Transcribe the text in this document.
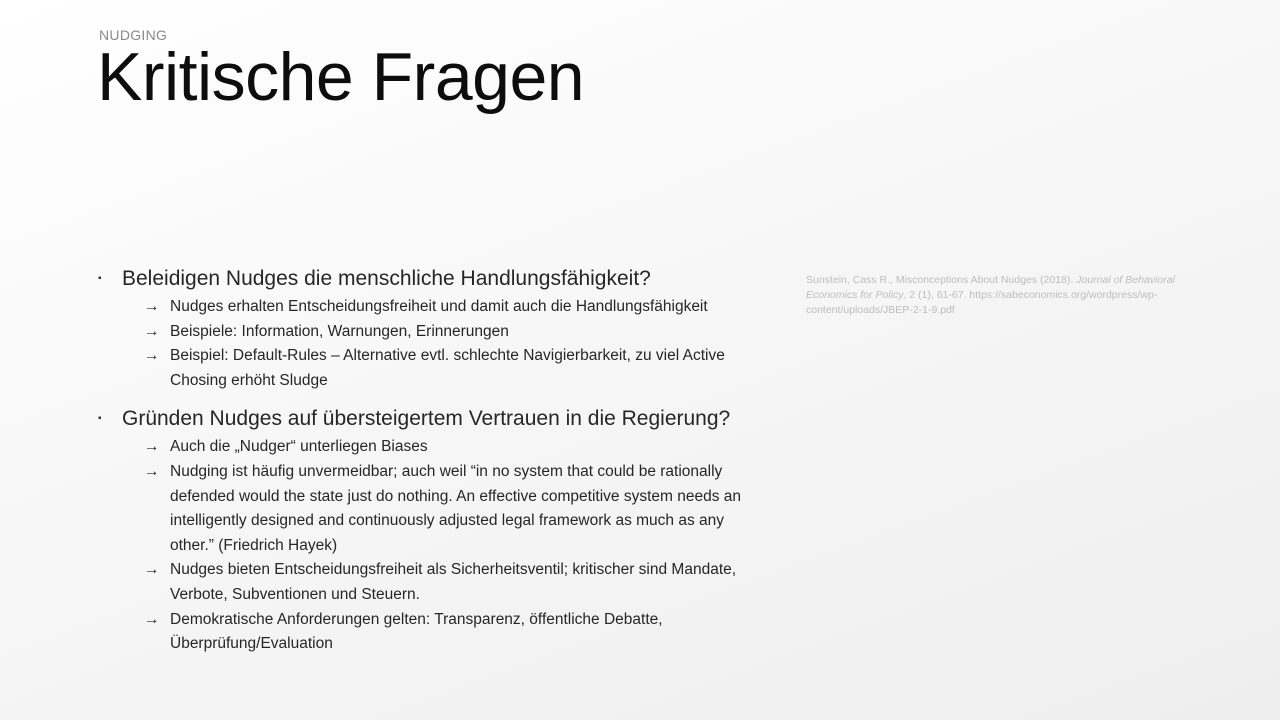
NUDGING
Kritische Fragen
▪ Beleidigen Nudges die menschliche Handlungsfähigkeit?
→ Nudges erhalten Entscheidungsfreiheit und damit auch die Handlungsfähigkeit
→ Beispiele: Information, Warnungen, Erinnerungen
→ Beispiel: Default-Rules – Alternative evtl. schlechte Navigierbarkeit, zu viel Active Chosing erhöht Sludge
▪ Gründen Nudges auf übersteigertem Vertrauen in die Regierung?
→ Auch die „Nudger“ unterliegen Biases
→ Nudging ist häufig unvermeidbar; auch weil “in no system that could be rationally defended would the state just do nothing. An effective competitive system needs an intelligently designed and continuously adjusted legal framework as much as any other.” (Friedrich Hayek)
→ Nudges bieten Entscheidungsfreiheit als Sicherheitsventil; kritischer sind Mandate, Verbote, Subventionen und Steuern.
→ Demokratische Anforderungen gelten: Transparenz, öffentliche Debatte, Überprüfung/Evaluation
Sunstein, Cass R., Misconceptions About Nudges (2018). Journal of Behavioral Economics for Policy, 2 (1), 61-67. https://sabeconomics.org/wordpress/wp-content/uploads/JBEP-2-1-9.pdf
